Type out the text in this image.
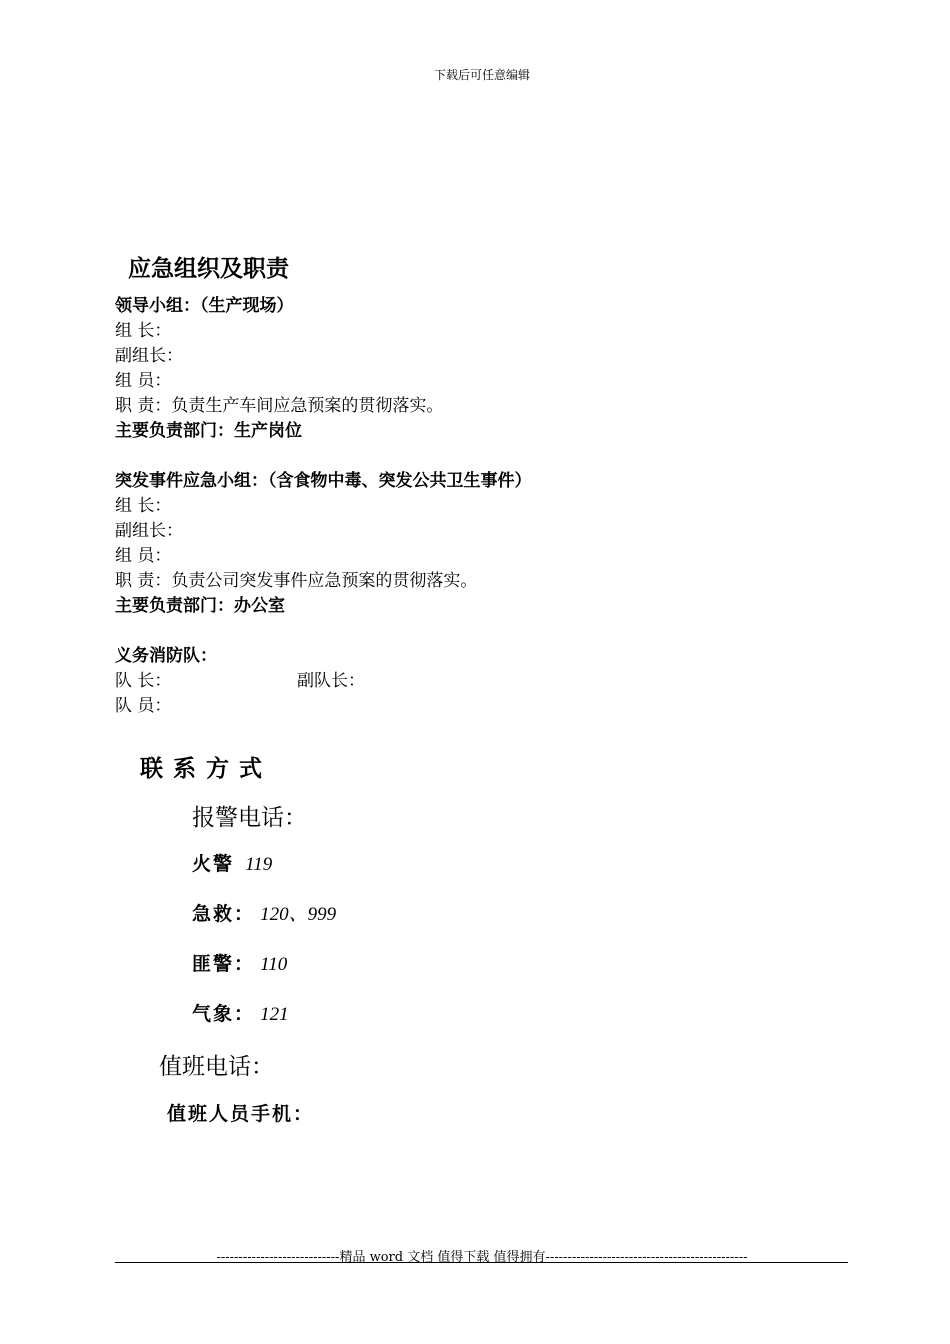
下载后可任意编辑
应急组织及职责
领导小组：（生产现场）
组 长：
副组长：
组 员：
职 责：负责生产车间应急预案的贯彻落实。
主要负责部门：生产岗位
突发事件应急小组：（含食物中毒、突发公共卫生事件）
组 长：
副组长：
组 员：
职 责：负责公司突发事件应急预案的贯彻落实。
主要负责部门：办公室
义务消防队：
队 长：	副队长：
队 员：
联系方式
报警电话：
火警 119
急救： 120、999
匪警： 110
气象： 121
值班电话：
值班人员手机：
----------------------------精品 word 文档 值得下载 值得拥有----------------------------------------------
